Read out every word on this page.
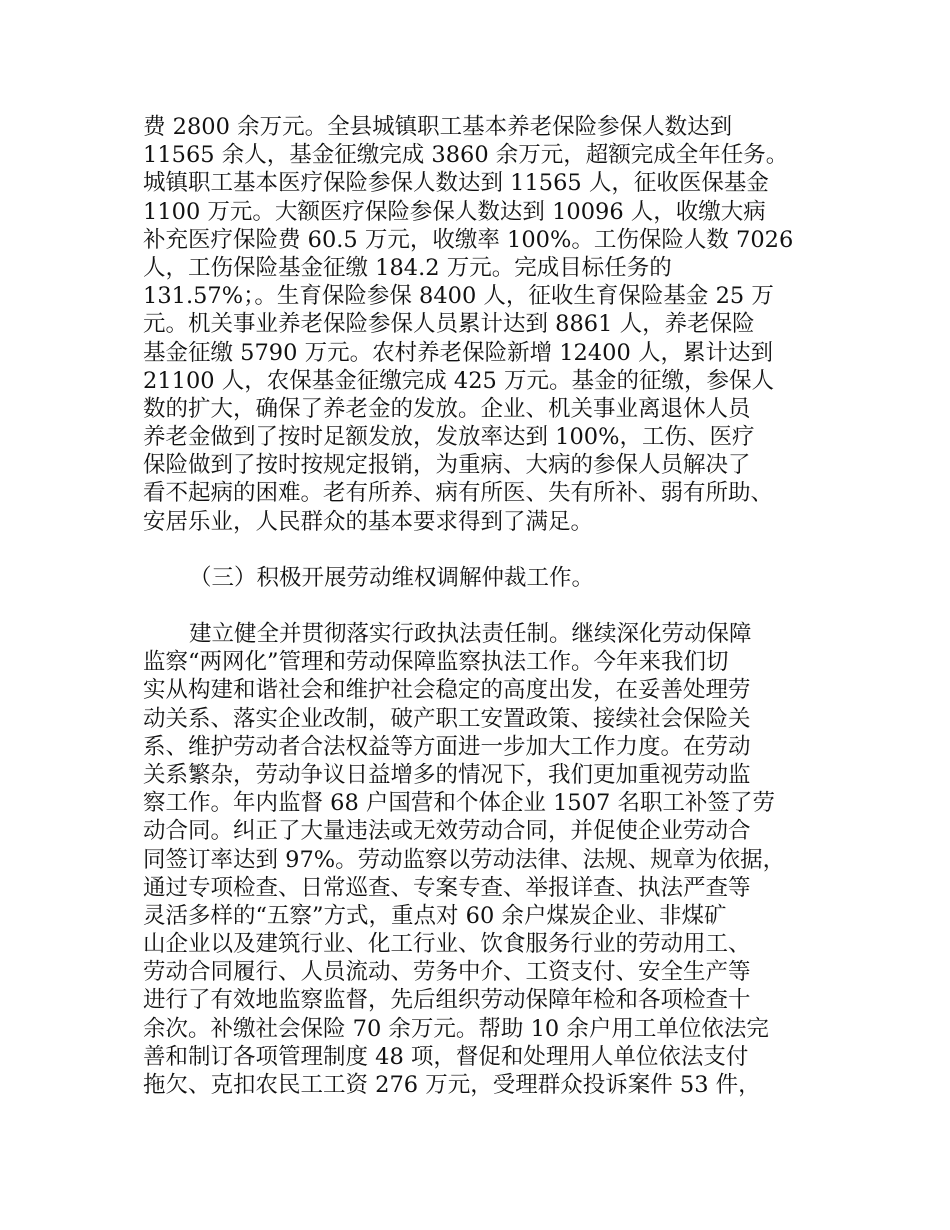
费 2800 余万元。全县城镇职工基本养老保险参保人数达到
11565 余人，基金征缴完成 3860 余万元，超额完成全年任务。
城镇职工基本医疗保险参保人数达到 11565 人，征收医保基金
1100 万元。大额医疗保险参保人数达到 10096 人，收缴大病
补充医疗保险费 60.5 万元，收缴率 100%。工伤保险人数 7026
人，工伤保险基金征缴 184.2 万元。完成目标任务的
131.57%；。生育保险参保 8400 人，征收生育保险基金 25 万
元。机关事业养老保险参保人员累计达到 8861 人，养老保险
基金征缴 5790 万元。农村养老保险新增 12400 人，累计达到
21100 人，农保基金征缴完成 425 万元。基金的征缴，参保人
数的扩大，确保了养老金的发放。企业、机关事业离退休人员
养老金做到了按时足额发放，发放率达到 100%，工伤、医疗
保险做到了按时按规定报销，为重病、大病的参保人员解决了
看不起病的困难。老有所养、病有所医、失有所补、弱有所助、
安居乐业，人民群众的基本要求得到了满足。
（三）积极开展劳动维权调解仲裁工作。
建立健全并贯彻落实行政执法责任制。继续深化劳动保障
监察“两网化”管理和劳动保障监察执法工作。今年来我们切
实从构建和谐社会和维护社会稳定的高度出发，在妥善处理劳
动关系、落实企业改制，破产职工安置政策、接续社会保险关
系、维护劳动者合法权益等方面进一步加大工作力度。在劳动
关系繁杂，劳动争议日益增多的情况下，我们更加重视劳动监
察工作。年内监督 68 户国营和个体企业 1507 名职工补签了劳
动合同。纠正了大量违法或无效劳动合同，并促使企业劳动合
同签订率达到 97%。劳动监察以劳动法律、法规、规章为依据，
通过专项检查、日常巡查、专案专查、举报详查、执法严查等
灵活多样的“五察”方式，重点对 60 余户煤炭企业、非煤矿
山企业以及建筑行业、化工行业、饮食服务行业的劳动用工、
劳动合同履行、人员流动、劳务中介、工资支付、安全生产等
进行了有效地监察监督，先后组织劳动保障年检和各项检查十
余次。补缴社会保险 70 余万元。帮助 10 余户用工单位依法完
善和制订各项管理制度 48 项，督促和处理用人单位依法支付
拖欠、克扣农民工工资 276 万元，受理群众投诉案件 53 件，
